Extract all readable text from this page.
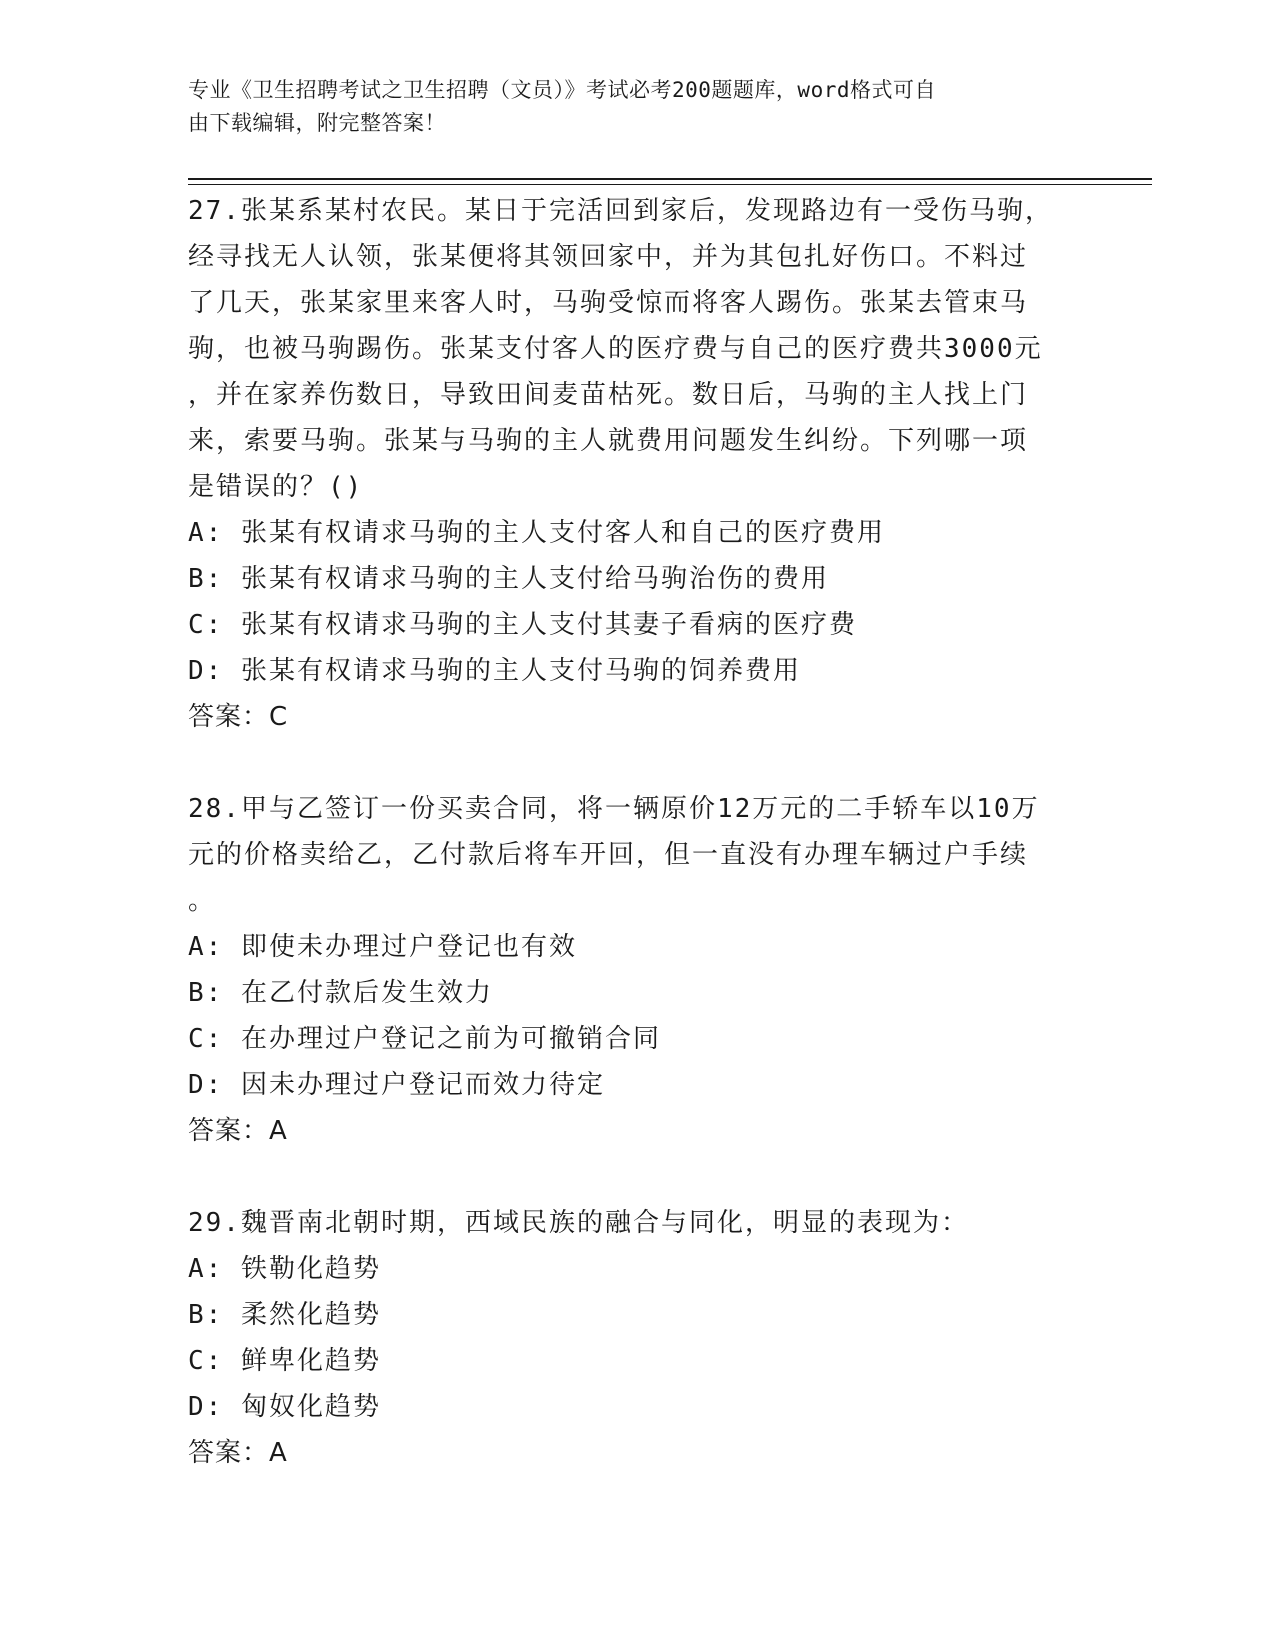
专业《卫生招聘考试之卫生招聘（文员）》考试必考200题题库，word格式可自
由下载编辑，附完整答案！
27.张某系某村农民。某日于完活回到家后，发现路边有一受伤马驹，
经寻找无人认领，张某便将其领回家中，并为其包扎好伤口。不料过
了几天，张某家里来客人时，马驹受惊而将客人踢伤。张某去管束马
驹，也被马驹踢伤。张某支付客人的医疗费与自己的医疗费共3000元
，并在家养伤数日，导致田间麦苗枯死。数日后，马驹的主人找上门
来，索要马驹。张某与马驹的主人就费用问题发生纠纷。下列哪一项
是错误的？()
A: 张某有权请求马驹的主人支付客人和自己的医疗费用
B: 张某有权请求马驹的主人支付给马驹治伤的费用
C: 张某有权请求马驹的主人支付其妻子看病的医疗费
D: 张某有权请求马驹的主人支付马驹的饲养费用
答案：C
28.甲与乙签订一份买卖合同，将一辆原价12万元的二手轿车以10万
元的价格卖给乙，乙付款后将车开回，但一直没有办理车辆过户手续
。
A: 即使未办理过户登记也有效
B: 在乙付款后发生效力
C: 在办理过户登记之前为可撤销合同
D: 因未办理过户登记而效力待定
答案：A
29.魏晋南北朝时期，西域民族的融合与同化，明显的表现为：
A: 铁勒化趋势
B: 柔然化趋势
C: 鲜卑化趋势
D: 匈奴化趋势
答案：A
